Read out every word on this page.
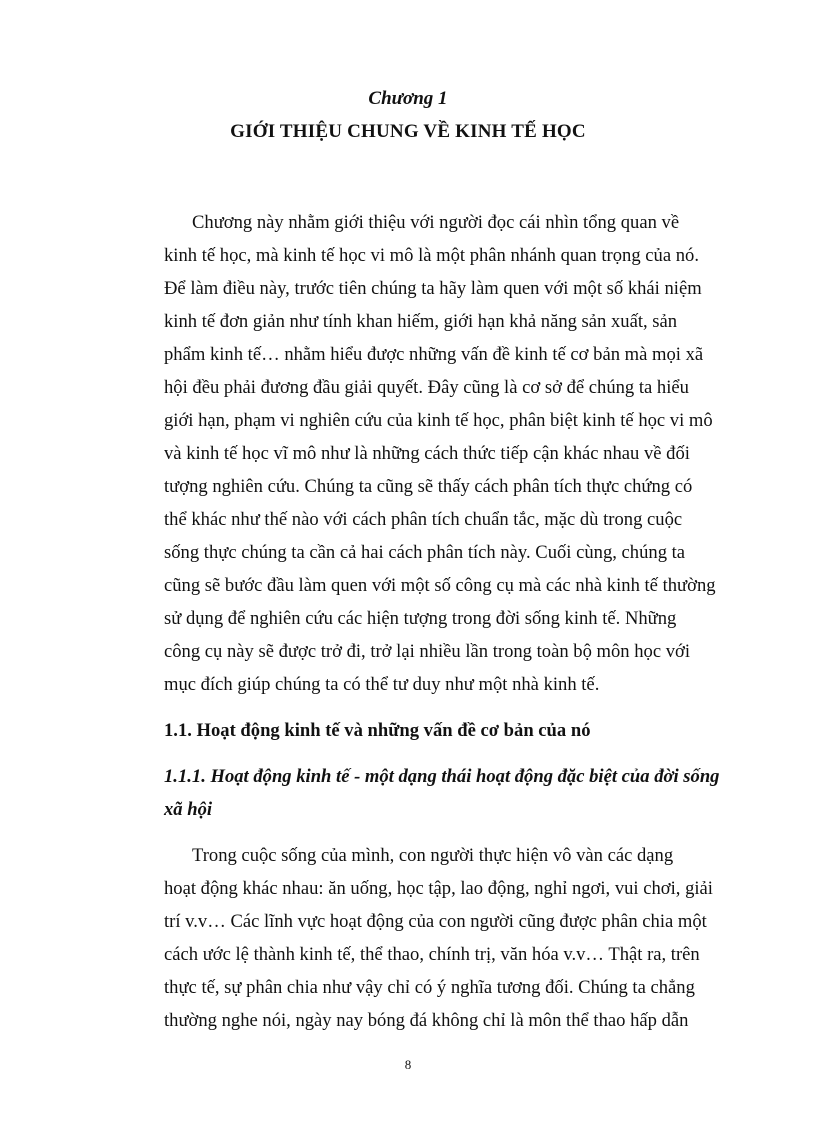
Chương 1
GIỚI THIỆU CHUNG VỀ KINH TẾ HỌC
Chương này nhằm giới thiệu với người đọc cái nhìn tổng quan về
kinh tế học, mà kinh tế học vi mô là một phân nhánh quan trọng của nó.
Để làm điều này, trước tiên chúng ta hãy làm quen với một số khái niệm
kinh tế đơn giản như tính khan hiếm, giới hạn khả năng sản xuất, sản
phẩm kinh tế… nhằm hiểu được những vấn đề kinh tế cơ bản mà mọi xã
hội đều phải đương đầu giải quyết. Đây cũng là cơ sở để chúng ta hiểu
giới hạn, phạm vi nghiên cứu của kinh tế học, phân biệt kinh tế học vi mô
và kinh tế học vĩ mô như là những cách thức tiếp cận khác nhau về đối
tượng nghiên cứu. Chúng ta cũng sẽ thấy cách phân tích thực chứng có
thể khác như thế nào với cách phân tích chuẩn tắc, mặc dù trong cuộc
sống thực chúng ta cần cả hai cách phân tích này. Cuối cùng, chúng ta
cũng sẽ bước đầu làm quen với một số công cụ mà các nhà kinh tế thường
sử dụng để nghiên cứu các hiện tượng trong đời sống kinh tế. Những
công cụ này sẽ được trở đi, trở lại nhiều lần trong toàn bộ môn học với
mục đích giúp chúng ta có thể tư duy như một nhà kinh tế.
1.1. Hoạt động kinh tế và những vấn đề cơ bản của nó
1.1.1. Hoạt động kinh tế - một dạng thái hoạt động đặc biệt của đời sống
xã hội
Trong cuộc sống của mình, con người thực hiện vô vàn các dạng
hoạt động khác nhau: ăn uống, học tập, lao động, nghỉ ngơi, vui chơi, giải
trí v.v… Các lĩnh vực hoạt động của con người cũng được phân chia một
cách ước lệ thành kinh tế, thể thao, chính trị, văn hóa v.v… Thật ra, trên
thực tế, sự phân chia như vậy chỉ có ý nghĩa tương đối. Chúng ta chẳng
thường nghe nói, ngày nay bóng đá không chỉ là môn thể thao hấp dẫn
8
